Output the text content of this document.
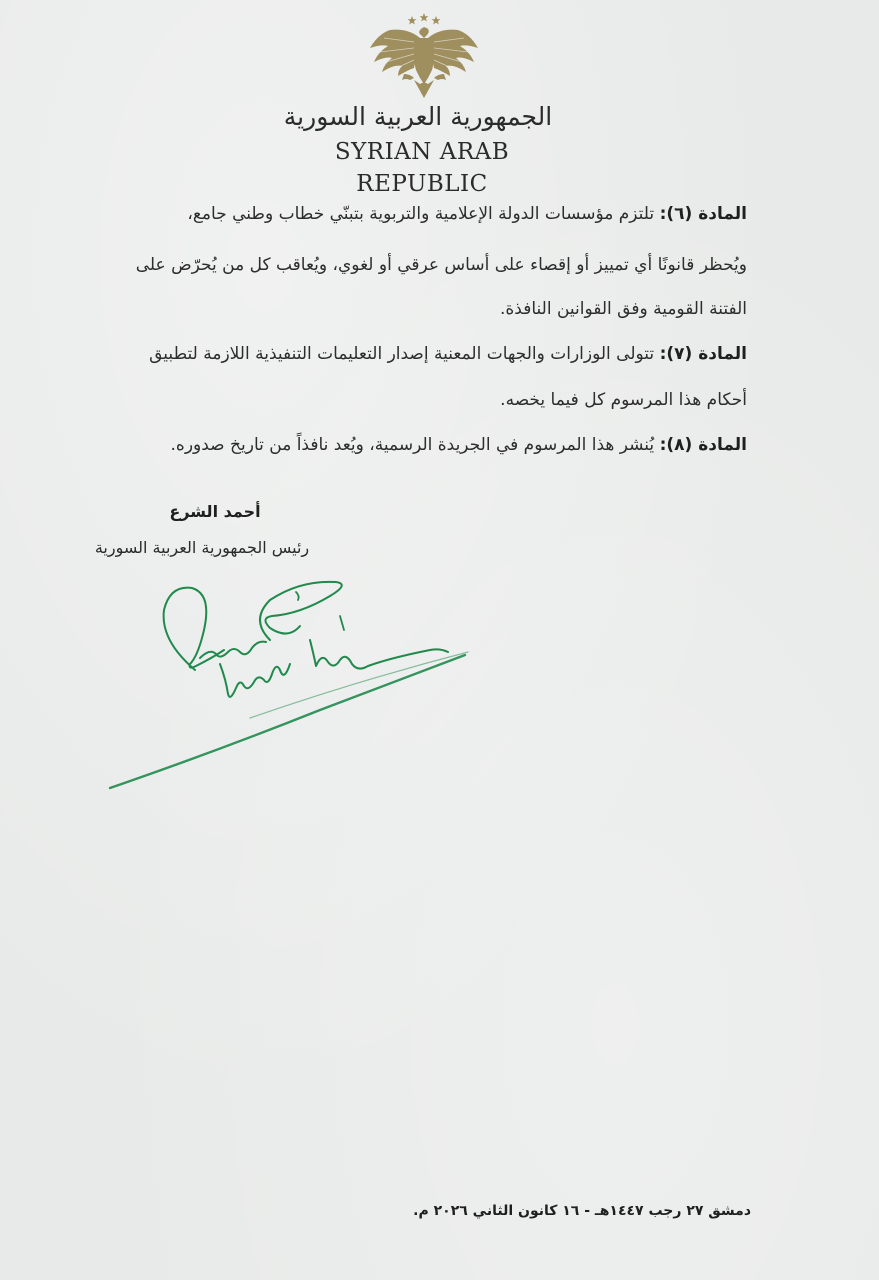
الجمهورية العربية السورية
SYRIAN ARAB REPUBLIC
المادة (٦): تلتزم مؤسسات الدولة الإعلامية والتربوية بتبنّي خطاب وطني جامع،
ويُحظر قانونًا أي تمييز أو إقصاء على أساس عرقي أو لغوي، ويُعاقب كل من يُحرّض على
الفتنة القومية وفق القوانين النافذة.
المادة (٧): تتولى الوزارات والجهات المعنية إصدار التعليمات التنفيذية اللازمة لتطبيق
أحكام هذا المرسوم كل فيما يخصه.
المادة (٨): يُنشر هذا المرسوم في الجريدة الرسمية، ويُعد نافذاً من تاريخ صدوره.
أحمد الشرع
رئيس الجمهورية العربية السورية
دمشق ٢٧ رجب ١٤٤٧هـ - ١٦ كانون الثاني ٢٠٢٦ م.
